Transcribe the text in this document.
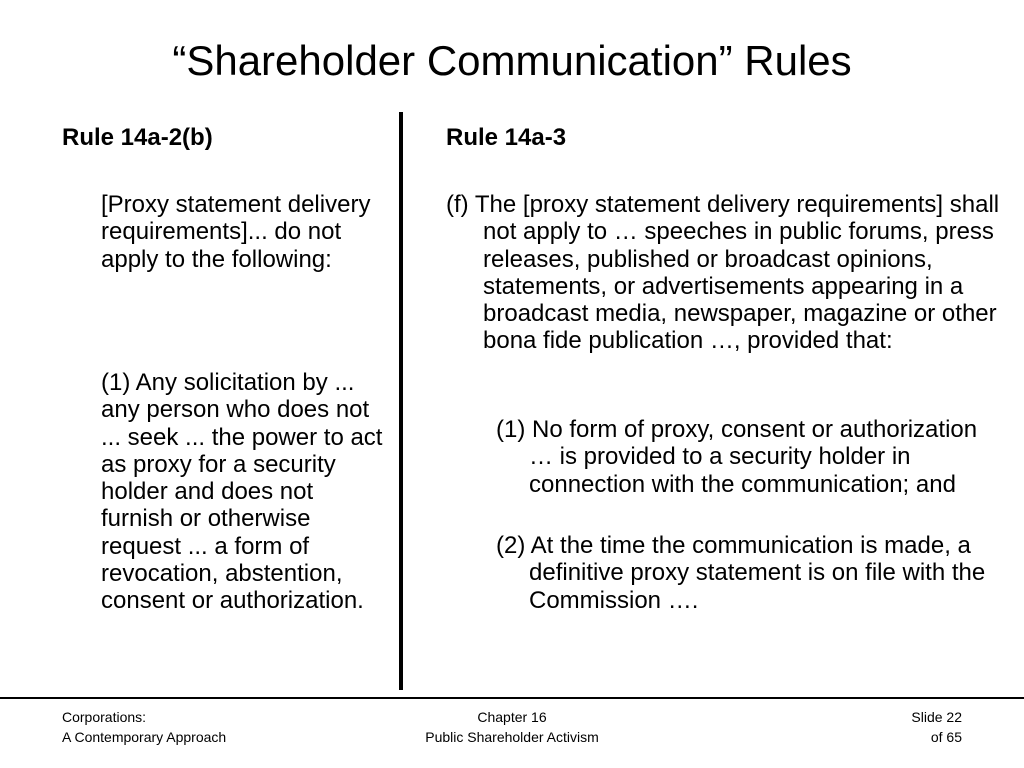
“Shareholder Communication” Rules
Rule 14a-2(b)	Rule 14a-3
[Proxy statement delivery requirements]... do not apply to the following:
(1) Any solicitation by ... any person who does not ... seek ... the power to act as proxy for a security holder and does not furnish or otherwise request ... a form of revocation, abstention, consent or authorization.
(f) The [proxy statement delivery requirements] shall not apply to … speeches in public forums, press releases, published or broadcast opinions, statements, or advertisements appearing in a broadcast media, newspaper, magazine or other bona fide publication …, provided that:
(1) No form of proxy, consent or authorization … is provided to a security holder in connection with the communication; and
(2) At the time the communication is made, a definitive proxy statement is on file with the Commission ….
Corporations:
A Contemporary Approach
Chapter 16
Public Shareholder Activism
Slide 22
of 65
